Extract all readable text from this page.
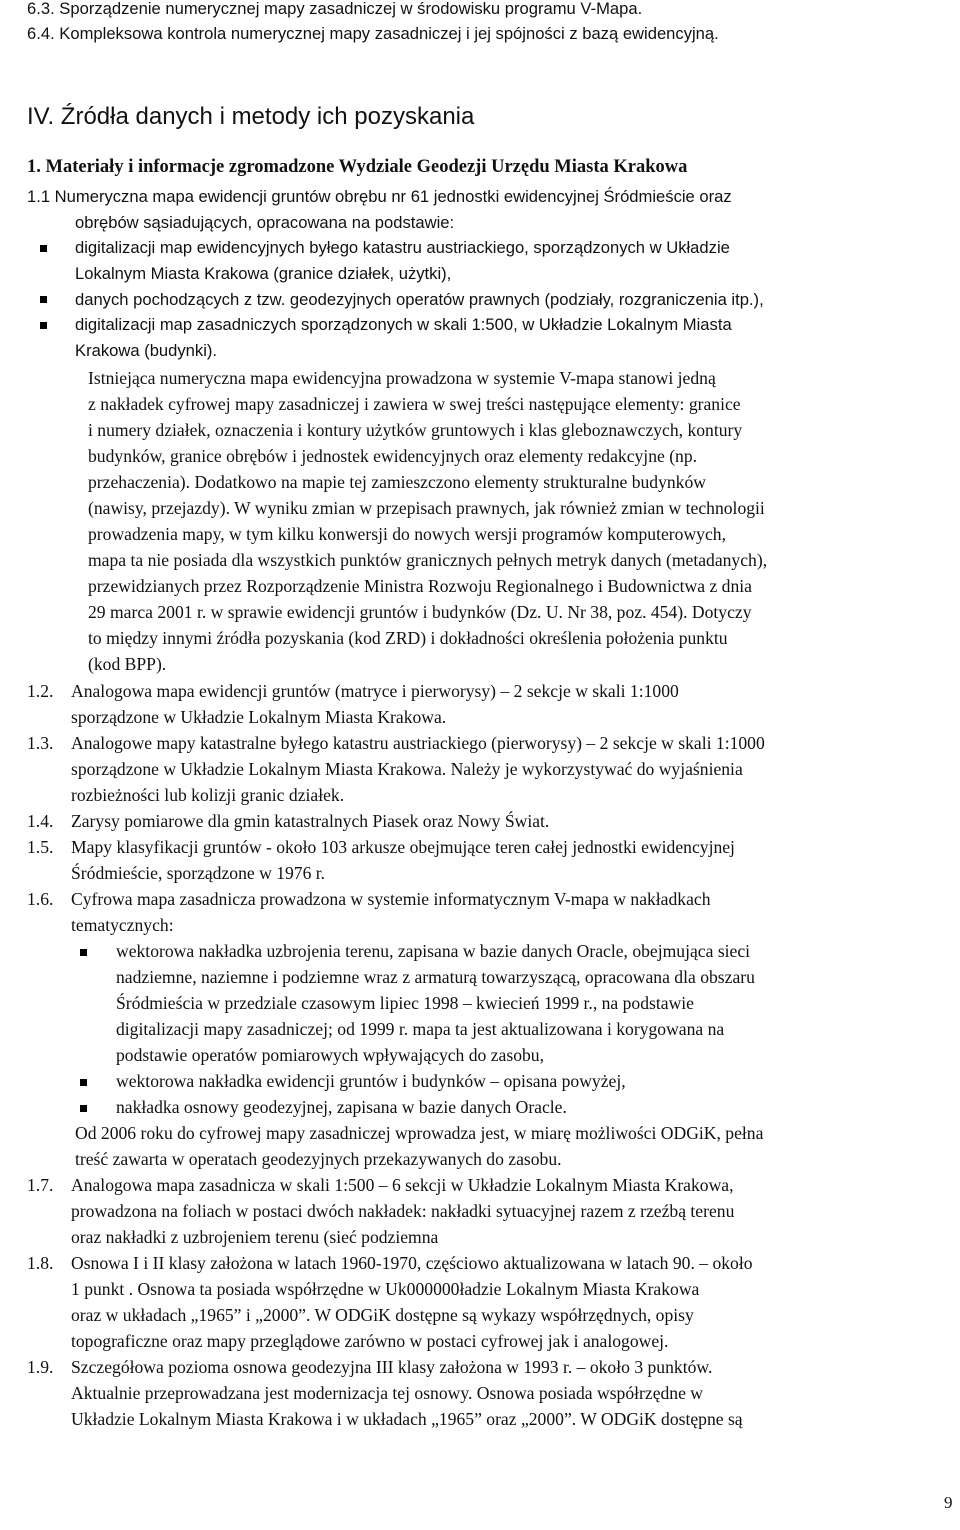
6.3. Sporządzenie numerycznej mapy zasadniczej w środowisku programu V-Mapa.
6.4. Kompleksowa kontrola numerycznej mapy zasadniczej i jej spójności z bazą ewidencyjną.
IV. Źródła danych i metody ich pozyskania
1. Materiały i informacje zgromadzone Wydziale Geodezji Urzędu Miasta Krakowa
1.1 Numeryczna mapa ewidencji gruntów obrębu nr 61 jednostki ewidencyjnej Śródmieście oraz
obrębów sąsiadujących, opracowana na podstawie:
digitalizacji map ewidencyjnych byłego katastru austriackiego, sporządzonych w Układzie
Lokalnym Miasta Krakowa (granice działek, użytki),
danych pochodzących z tzw. geodezyjnych operatów prawnych (podziały, rozgraniczenia itp.),
digitalizacji map zasadniczych sporządzonych w skali 1:500, w Układzie Lokalnym Miasta
Krakowa (budynki).
Istniejąca numeryczna mapa ewidencyjna prowadzona w systemie V-mapa stanowi jedną
z nakładek cyfrowej mapy zasadniczej i zawiera w swej treści następujące elementy: granice
i numery działek, oznaczenia i kontury użytków gruntowych i klas gleboznawczych, kontury
budynków, granice obrębów i jednostek ewidencyjnych oraz elementy redakcyjne (np.
przehaczenia). Dodatkowo na mapie tej zamieszczono elementy strukturalne budynków
(nawisy, przejazdy). W wyniku zmian w przepisach prawnych, jak również zmian w technologii
prowadzenia mapy, w tym kilku konwersji do nowych wersji programów komputerowych,
mapa ta nie posiada dla wszystkich punktów granicznych pełnych metryk danych (metadanych),
przewidzianych przez Rozporządzenie Ministra Rozwoju Regionalnego i Budownictwa z dnia
29 marca 2001 r. w sprawie ewidencji gruntów i budynków (Dz. U. Nr 38, poz. 454). Dotyczy
to między innymi źródła pozyskania (kod ZRD) i dokładności określenia położenia punktu
(kod BPP).
1.2. Analogowa mapa ewidencji gruntów (matryce i pierworysy) – 2 sekcje w skali 1:1000
sporządzone w Układzie Lokalnym Miasta Krakowa.
1.3. Analogowe mapy katastralne byłego katastru austriackiego (pierworysy) – 2 sekcje w skali 1:1000
sporządzone w Układzie Lokalnym Miasta Krakowa. Należy je wykorzystywać do wyjaśnienia
rozbieżności lub kolizji granic działek.
1.4. Zarysy pomiarowe dla gmin katastralnych Piasek oraz Nowy Świat.
1.5. Mapy klasyfikacji gruntów - około 103 arkusze obejmujące teren całej jednostki ewidencyjnej
Śródmieście, sporządzone w 1976 r.
1.6. Cyfrowa mapa zasadnicza prowadzona w systemie informatycznym V-mapa w nakładkach
tematycznych:
wektorowa nakładka uzbrojenia terenu, zapisana w bazie danych Oracle, obejmująca sieci
nadziemne, naziemne i podziemne wraz z armaturą towarzyszącą, opracowana dla obszaru
Śródmieścia w przedziale czasowym lipiec 1998 – kwiecień 1999 r., na podstawie
digitalizacji mapy zasadniczej; od 1999 r. mapa ta jest aktualizowana i korygowana na
podstawie operatów pomiarowych wpływających do zasobu,
wektorowa nakładka ewidencji gruntów i budynków – opisana powyżej,
nakładka osnowy geodezyjnej, zapisana w bazie danych Oracle.
Od 2006 roku do cyfrowej mapy zasadniczej wprowadza jest, w miarę możliwości ODGiK, pełna
treść zawarta w operatach geodezyjnych przekazywanych do zasobu.
1.7. Analogowa mapa zasadnicza w skali 1:500 – 6 sekcji w Układzie Lokalnym Miasta Krakowa,
prowadzona na foliach w postaci dwóch nakładek: nakładki sytuacyjnej razem z rzeźbą terenu
oraz nakładki z uzbrojeniem terenu (sieć podziemna
1.8. Osnowa I i II klasy założona w latach 1960-1970, częściowo aktualizowana w latach 90. – około
1 punkt . Osnowa ta posiada współrzędne w Uk000000ładzie Lokalnym Miasta Krakowa
oraz w układach „1965” i „2000”. W ODGiK dostępne są wykazy współrzędnych, opisy
topograficzne oraz mapy przeglądowe zarówno w postaci cyfrowej jak i analogowej.
1.9. Szczegółowa pozioma osnowa geodezyjna III klasy założona w 1993 r. – około 3 punktów.
Aktualnie przeprowadzana jest modernizacja tej osnowy. Osnowa posiada współrzędne w
Układzie Lokalnym Miasta Krakowa i w układach „1965” oraz „2000”. W ODGiK dostępne są
9
